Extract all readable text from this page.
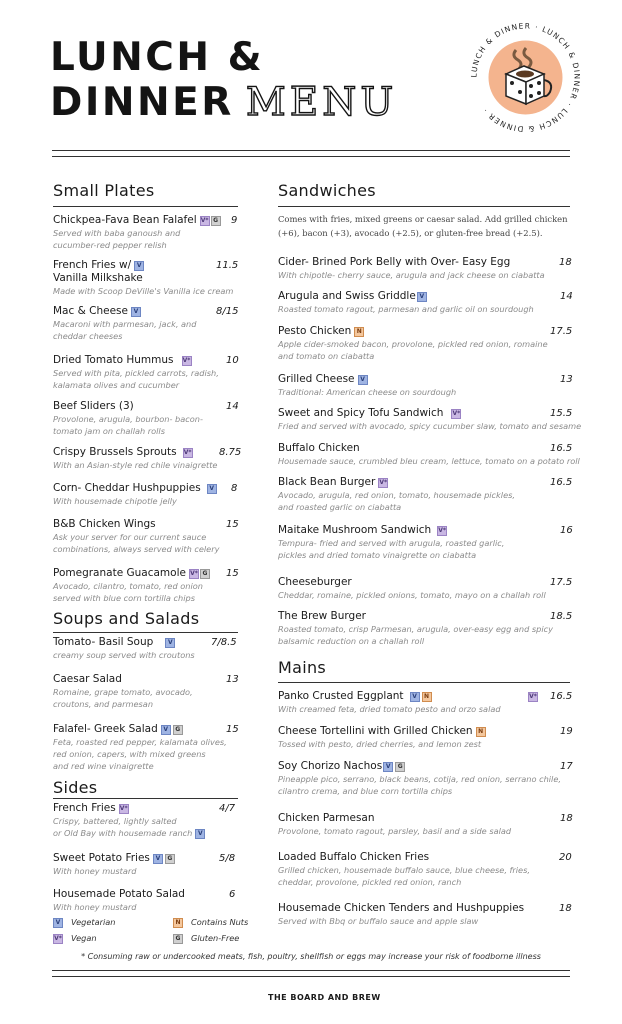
LUNCH &
DINNER MENU
LUNCH & DINNER · LUNCH & DINNER · LUNCH & DINNER ·
Small Plates
Chickpea-Fava Bean Falafel V* G	9
Served with baba ganoush and
cucumber-red pepper relish
French Fries w/ V
Vanilla Milkshake
11.5
Made with Scoop DeVille's Vanilla ice cream
Mac & Cheese V	8/15
Macaroni with parmesan, jack, and
cheddar cheeses
Dried Tomato Hummus V*	10
Served with pita, pickled carrots, radish,
kalamata olives and cucumber
Beef Sliders (3)	14
Provolone, arugula, bourbon- bacon-
tomato jam on challah rolls
Crispy Brussels Sprouts V*	8.75
With an Asian-style red chile vinaigrette
Corn- Cheddar Hushpuppies V	8
With housemade chipotle jelly
B&B Chicken Wings	15
Ask your server for our current sauce
combinations, always served with celery
Pomegranate Guacamole V* G	15
Avocado, cilantro, tomato, red onion
served with blue corn tortilla chips
Soups and Salads
Tomato- Basil Soup V	7/8.5
creamy soup served with croutons
Caesar Salad	13
Romaine, grape tomato, avocado,
croutons, and parmesan
Falafel- Greek Salad V G	15
Feta, roasted red pepper, kalamata olives,
red onion, capers, with mixed greens
and red wine vinaigrette
Sides
French Fries V*	4/7
Crispy, battered, lightly salted
or Old Bay with housemade ranch V
Sweet Potato Fries V G	5/8
With honey mustard
Housemade Potato Salad	6
With honey mustard
V Vegetarian
V* Vegan
N Contains Nuts
G Gluten-Free
Sandwiches
Comes with fries, mixed greens or caesar salad. Add grilled chicken (+6), bacon (+3), avocado (+2.5), or gluten-free bread (+2.5).
Cider- Brined Pork Belly with Over- Easy Egg	18
With chipotle- cherry sauce, arugula and jack cheese on ciabatta
Arugula and Swiss Griddle V	14
Roasted tomato ragout, parmesan and garlic oil on sourdough
Pesto Chicken N	17.5
Apple cider-smoked bacon, provolone, pickled red onion, romaine
and tomato on ciabatta
Grilled Cheese V	13
Traditional: American cheese on sourdough
Sweet and Spicy Tofu Sandwich V*	15.5
Fried and served with avocado, spicy cucumber slaw, tomato and sesame
Buffalo Chicken	16.5
Housemade sauce, crumbled bleu cream, lettuce, tomato on a potato roll
Black Bean Burger V*	16.5
Avocado, arugula, red onion, tomato, housemade pickles,
and roasted garlic on ciabatta
Maitake Mushroom Sandwich V*	16
Tempura- fried and served with arugula, roasted garlic,
pickles and dried tomato vinaigrette on ciabatta
Cheeseburger	17.5
Cheddar, romaine, pickled onions, tomato, mayo on a challah roll
The Brew Burger	18.5
Roasted tomato, crisp Parmesan, arugula, over-easy egg and spicy
balsamic reduction on a challah roll
Mains
Panko Crusted Eggplant V N	V* 16.5
With creamed feta, dried tomato pesto and orzo salad
Cheese Tortellini with Grilled Chicken N	19
Tossed with pesto, dried cherries, and lemon zest
Soy Chorizo Nachos V G	17
Pineapple pico, serrano, black beans, cotija, red onion, serrano chile,
cilantro crema, and blue corn tortilla chips
Chicken Parmesan	18
Provolone, tomato ragout, parsley, basil and a side salad
Loaded Buffalo Chicken Fries	20
Grilled chicken, housemade buffalo sauce, blue cheese, fries,
cheddar, provolone, pickled red onion, ranch
Housemade Chicken Tenders and Hushpuppies	18
Served with Bbq or buffalo sauce and apple slaw
* Consuming raw or undercooked meats, fish, poultry, shellfish or eggs may increase your risk of foodborne illness
THE BOARD AND BREW
